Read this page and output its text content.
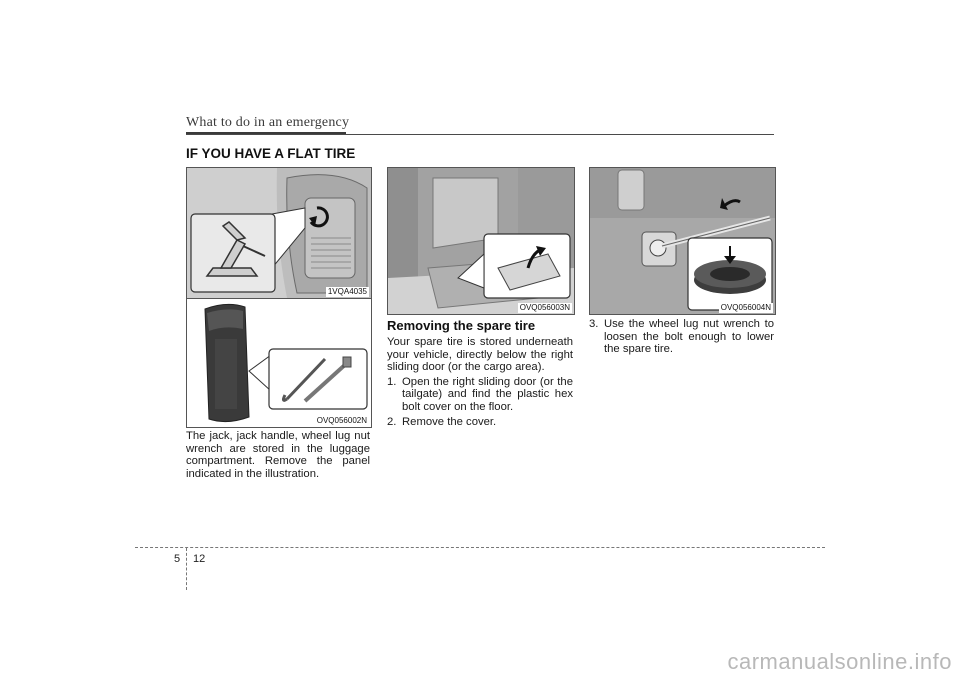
What to do in an emergency
IF YOU HAVE A FLAT TIRE
1VQA4035
OVQ056002N
The jack, jack handle, wheel lug nut wrench are stored in the luggage compartment. Remove the panel indicated in the illustration.
OVQ056003N
Removing the spare tire
Your spare tire is stored underneath your vehicle, directly below the right sliding door (or the cargo area).
1. Open the right sliding door (or the tailgate) and find the plastic hex bolt cover on the floor.
2. Remove the cover.
OVQ056004N
3. Use the wheel lug nut wrench to loosen the bolt enough to lower the spare tire.
5 12
carmanualsonline.info
